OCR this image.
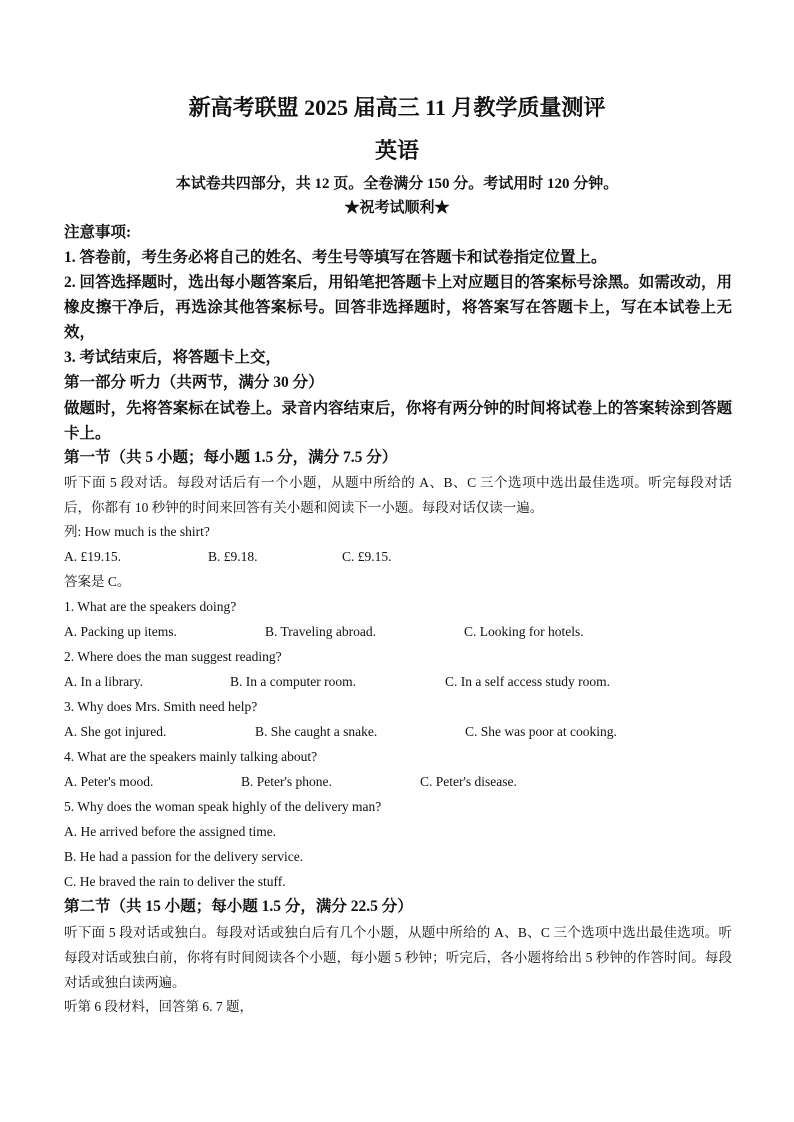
新高考联盟 2025 届高三 11 月教学质量测评
英语
本试卷共四部分，共 12 页。全卷满分 150 分。考试用时 120 分钟。
★祝考试顺利★
注意事项:
1. 答卷前，考生务必将自己的姓名、考生号等填写在答题卡和试卷指定位置上。
2. 回答选择题时，选出每小题答案后，用铅笔把答题卡上对应题目的答案标号涂黑。如需改动，用橡皮擦干净后，再选涂其他答案标号。回答非选择题时，将答案写在答题卡上，写在本试卷上无效，
3. 考试结束后，将答题卡上交，
第一部分 听力（共两节，满分 30 分）
做题时，先将答案标在试卷上。录音内容结束后，你将有两分钟的时间将试卷上的答案转涂到答题卡上。
第一节（共 5 小题；每小题 1.5 分，满分 7.5 分）
听下面 5 段对话。每段对话后有一个小题，从题中所给的 A、B、C 三个选项中选出最佳选项。听完每段对话后，你都有 10 秒钟的时间来回答有关小题和阅读下一小题。每段对话仅读一遍。
列: How much is the shirt?
A. £19.15.	B. £9.18.	C. £9.15.
答案是 C。
1. What are the speakers doing?
A. Packing up items.	B. Traveling abroad.	C. Looking for hotels.
2. Where does the man suggest reading?
A. In a library.	B. In a computer room.	C. In a self access study room.
3. Why does Mrs. Smith need help?
A. She got injured.	B. She caught a snake.	C. She was poor at cooking.
4. What are the speakers mainly talking about?
A. Peter's mood.	B. Peter's phone.	C. Peter's disease.
5. Why does the woman speak highly of the delivery man?
A. He arrived before the assigned time.
B. He had a passion for the delivery service.
C. He braved the rain to deliver the stuff.
第二节（共 15 小题；每小题 1.5 分，满分 22.5 分）
听下面 5 段对话或独白。每段对话或独白后有几个小题，从题中所给的 A、B、C 三个选项中选出最佳选项。听每段对话或独白前，你将有时间阅读各个小题，每小题 5 秒钟；听完后，各小题将给出 5 秒钟的作答时间。每段对话或独白读两遍。
听第 6 段材料，回答第 6. 7 题，
